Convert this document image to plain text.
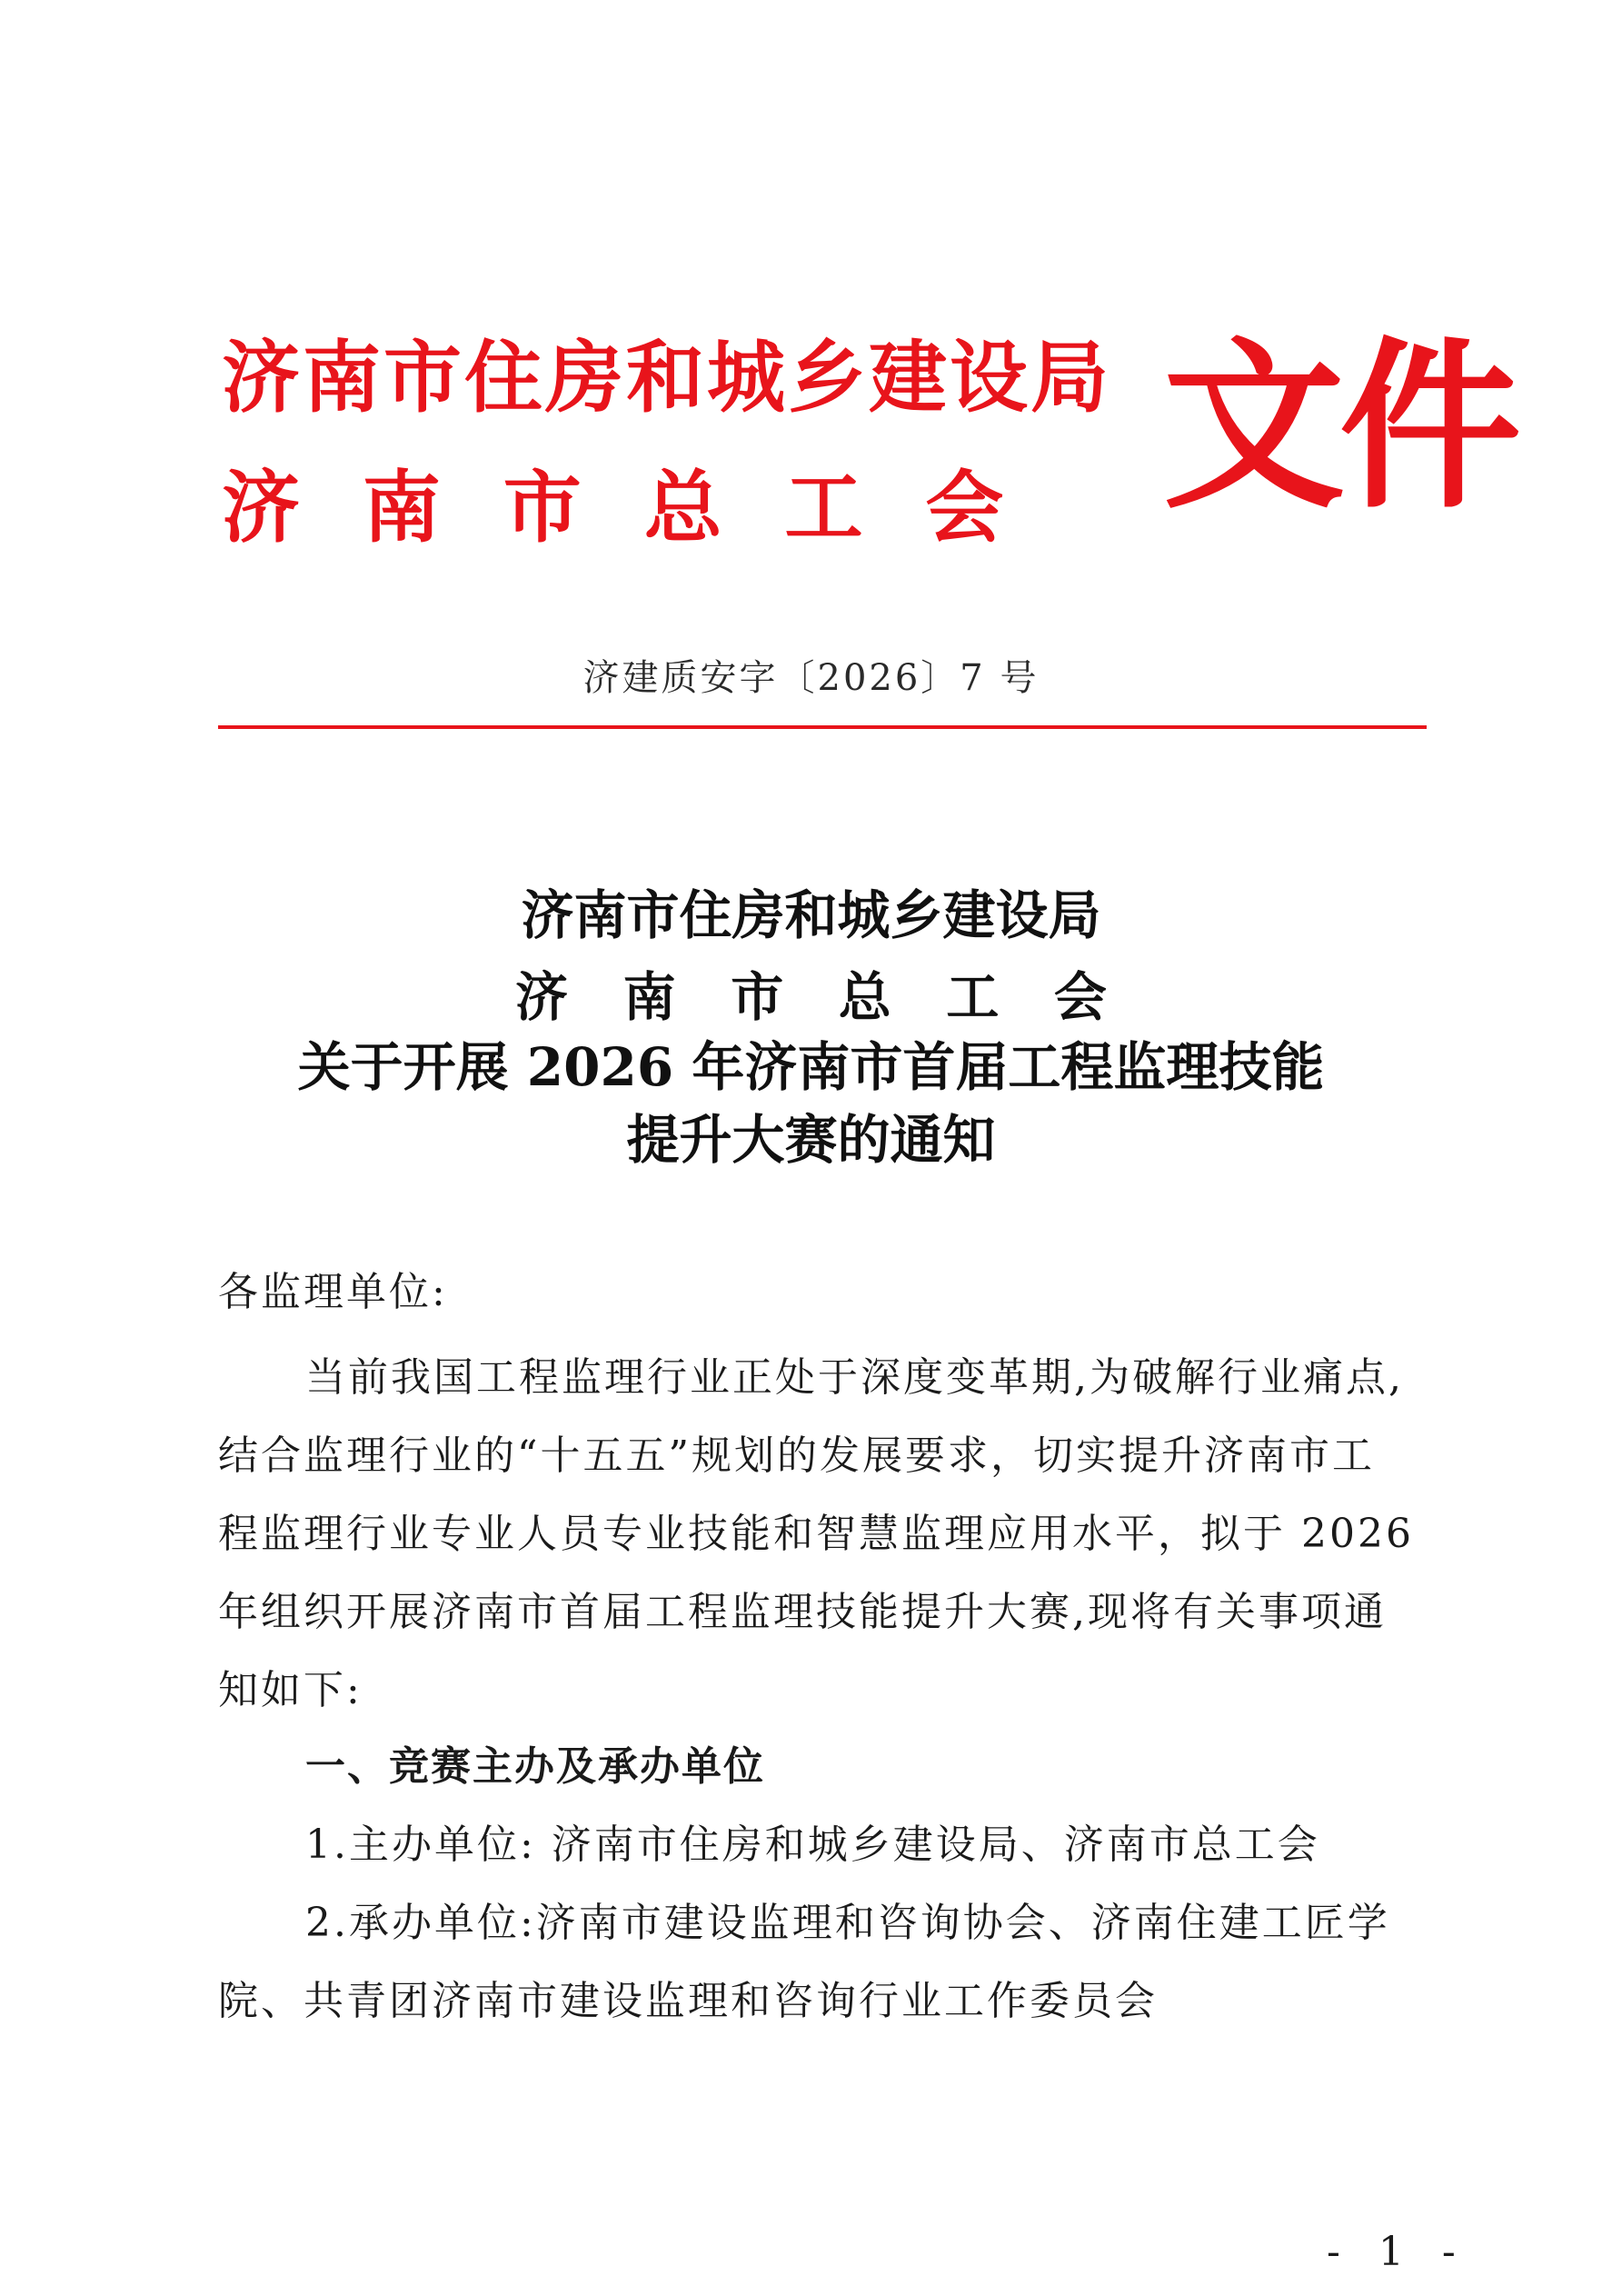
济南市住房和城乡建设局
济  南  市  总  工  会 文件
济建质安字〔2026〕7 号
济南市住房和城乡建设局
济   南   市   总   工   会
关于开展 2026 年济南市首届工程监理技能
提升大赛的通知
各监理单位:
当前我国工程监理行业正处于深度变革期,为破解行业痛点,
结合监理行业的“十五五”规划的发展要求，切实提升济南市工
程监理行业专业人员专业技能和智慧监理应用水平，拟于 2026
年组织开展济南市首届工程监理技能提升大赛,现将有关事项通
知如下:
一、竞赛主办及承办单位
1.主办单位: 济南市住房和城乡建设局、济南市总工会
2.承办单位:济南市建设监理和咨询协会、济南住建工匠学
院、共青团济南市建设监理和咨询行业工作委员会
- 1 -
